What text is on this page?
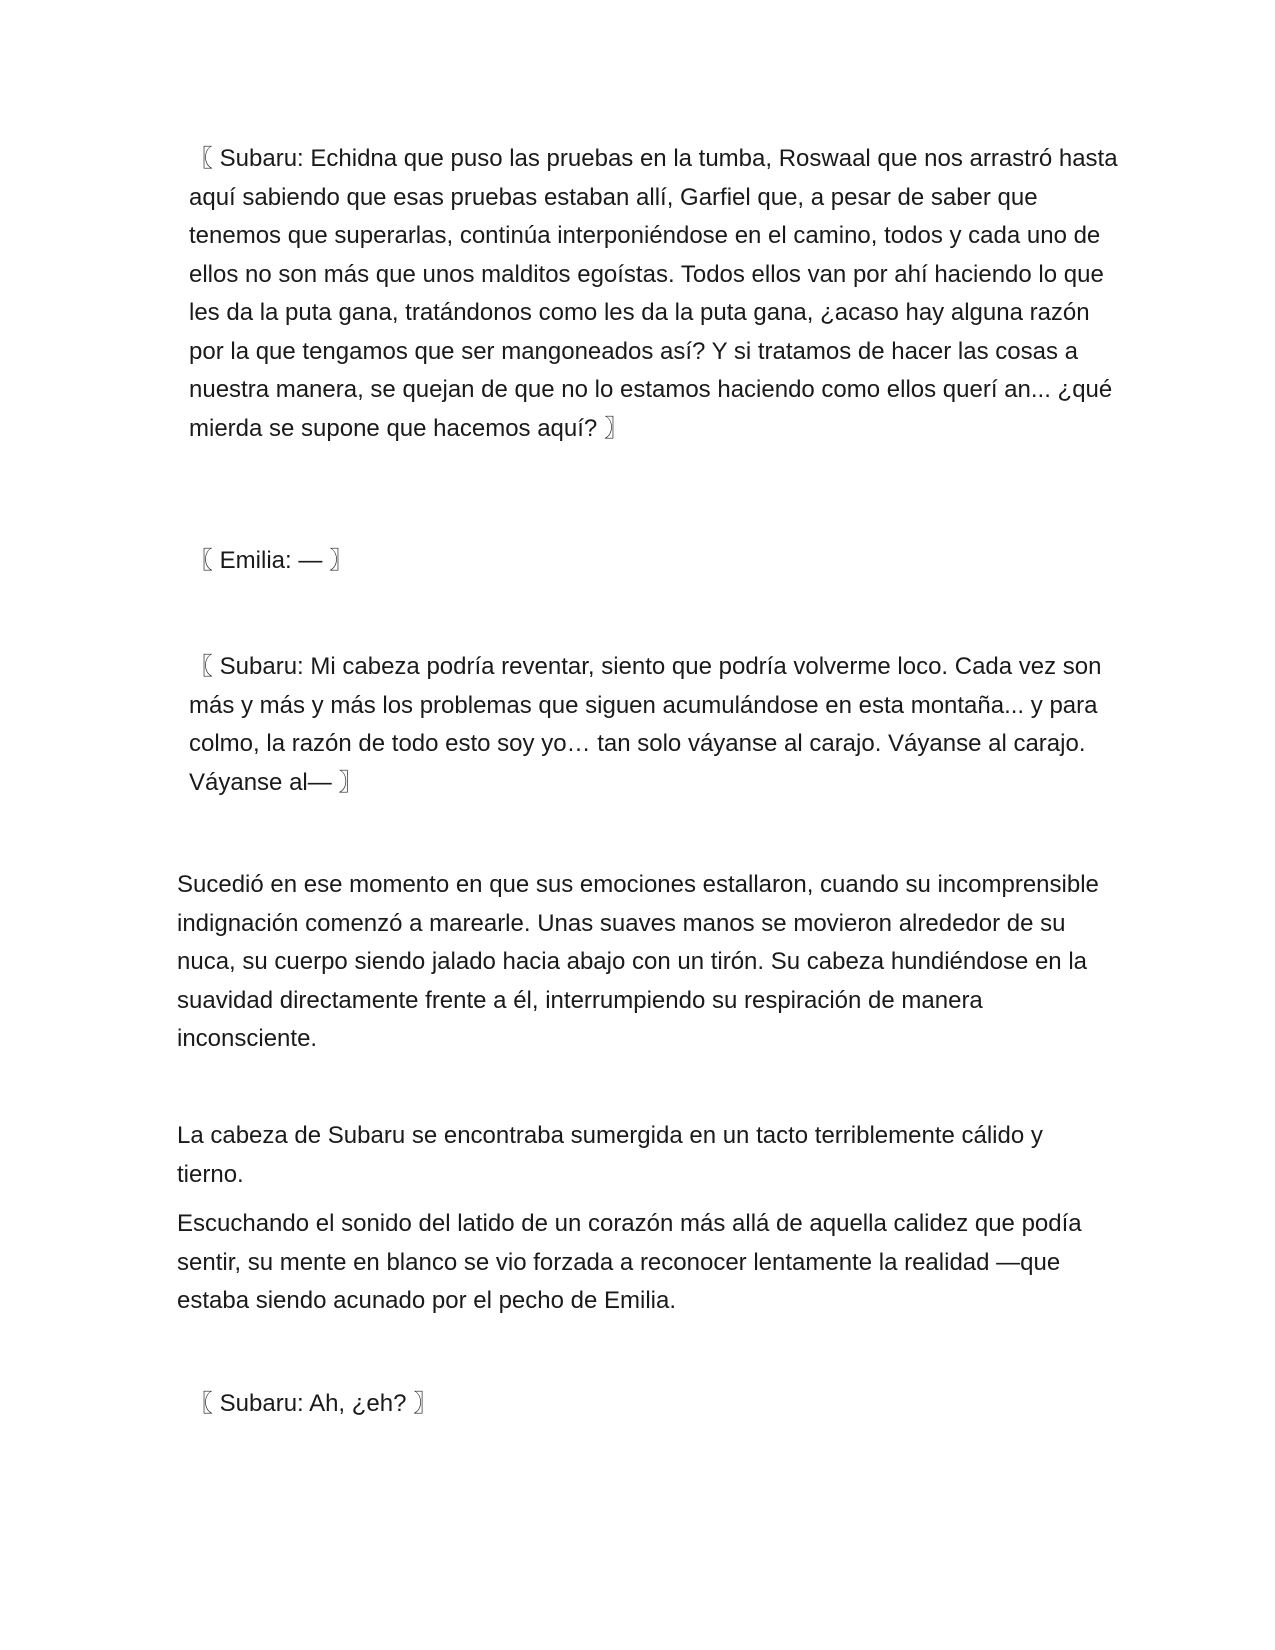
〖 Subaru: Echidna que puso las pruebas en la tumba, Roswaal que nos arrastró hasta aquí sabiendo que esas pruebas estaban allí, Garfiel que, a pesar de saber que tenemos que superarlas, continúa interponiéndose en el camino, todos y cada uno de ellos no son más que unos malditos egoístas. Todos ellos van por ahí haciendo lo que les da la puta gana, tratándonos como les da la puta gana, ¿acaso hay alguna razón por la que tengamos que ser mangoneados así? Y si tratamos de hacer las cosas a nuestra manera, se quejan de que no lo estamos haciendo como ellos querí an... ¿qué mierda se supone que hacemos aquí? 〗

〖 Emilia: — 〗

〖 Subaru: Mi cabeza podría reventar, siento que podría volverme loco. Cada vez son más y más y más los problemas que siguen acumulándose en esta montaña... y para colmo, la razón de todo esto soy yo… tan solo váyanse al carajo. Váyanse al carajo. Váyanse al— 〗

Sucedió en ese momento en que sus emociones estallaron, cuando su incomprensible indignación comenzó a marearle. Unas suaves manos se movieron alrededor de su nuca, su cuerpo siendo jalado hacia abajo con un tirón. Su cabeza hundiéndose en la suavidad directamente frente a él, interrumpiendo su respiración de manera inconsciente.

La cabeza de Subaru se encontraba sumergida en un tacto terriblemente cálido y tierno.

Escuchando el sonido del latido de un corazón más allá de aquella calidez que podía sentir, su mente en blanco se vio forzada a reconocer lentamente la realidad —que estaba siendo acunado por el pecho de Emilia.

〖 Subaru: Ah, ¿eh? 〗
